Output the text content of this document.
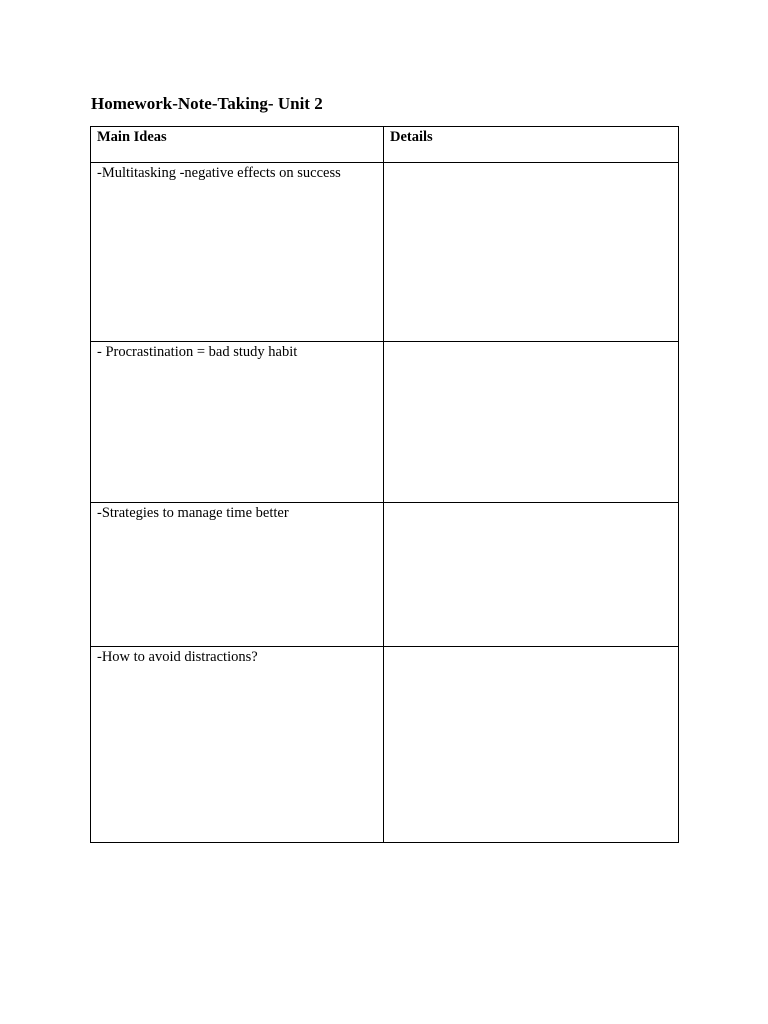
Homework-Note-Taking- Unit 2
Main Ideas	Details
-Multitasking -negative effects on success	
- Procrastination = bad study habit	
-Strategies to manage time better	
-How to avoid distractions?	
